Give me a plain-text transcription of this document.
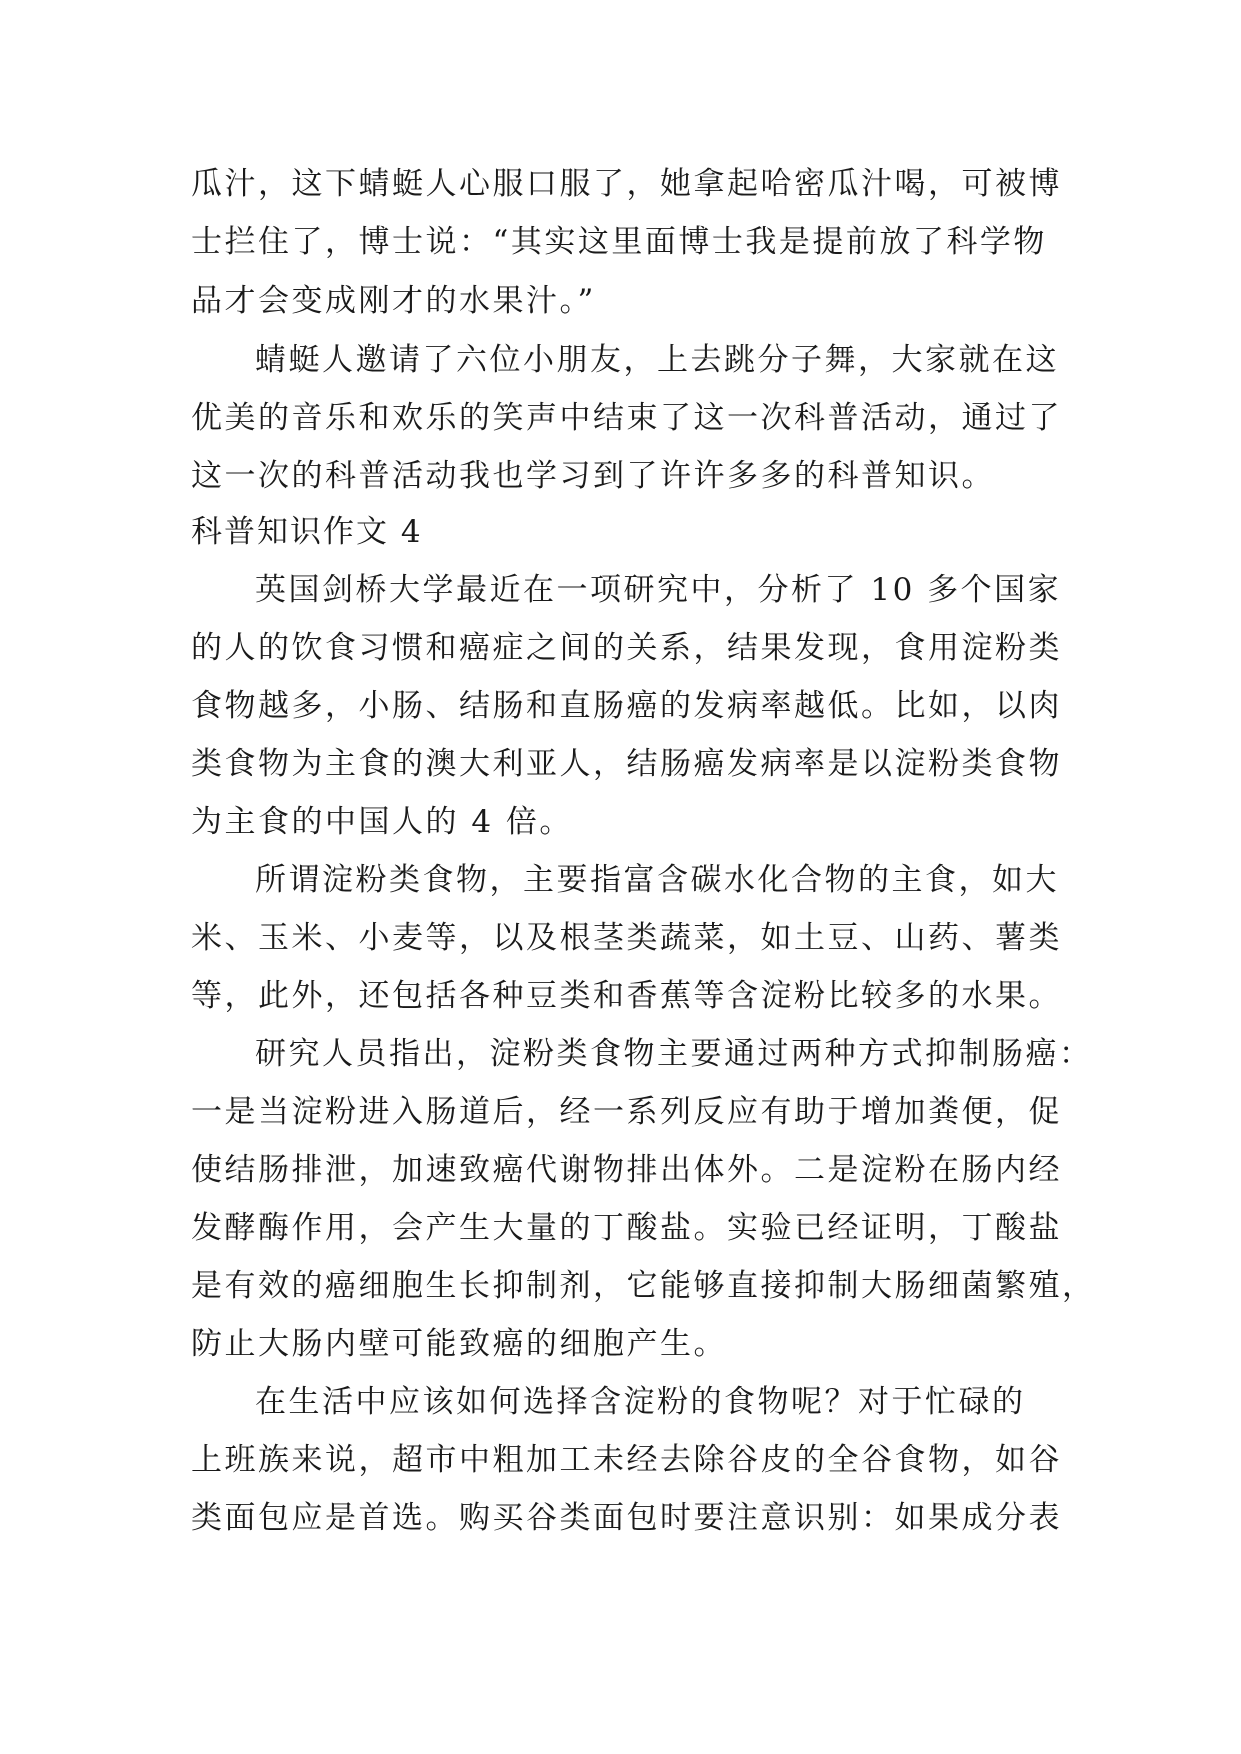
瓜汁，这下蜻蜓人心服口服了，她拿起哈密瓜汁喝，可被博
士拦住了，博士说：“其实这里面博士我是提前放了科学物
品才会变成刚才的水果汁。”
蜻蜓人邀请了六位小朋友，上去跳分子舞，大家就在这
优美的音乐和欢乐的笑声中结束了这一次科普活动，通过了
这一次的科普活动我也学习到了许许多多的科普知识。
科普知识作文 4
英国剑桥大学最近在一项研究中，分析了 10 多个国家
的人的饮食习惯和癌症之间的关系，结果发现，食用淀粉类
食物越多，小肠、结肠和直肠癌的发病率越低。比如，以肉
类食物为主食的澳大利亚人，结肠癌发病率是以淀粉类食物
为主食的中国人的 4 倍。
所谓淀粉类食物，主要指富含碳水化合物的主食，如大
米、玉米、小麦等，以及根茎类蔬菜，如土豆、山药、薯类
等，此外，还包括各种豆类和香蕉等含淀粉比较多的水果。
研究人员指出，淀粉类食物主要通过两种方式抑制肠癌：
一是当淀粉进入肠道后，经一系列反应有助于增加粪便，促
使结肠排泄，加速致癌代谢物排出体外。二是淀粉在肠内经
发酵酶作用，会产生大量的丁酸盐。实验已经证明，丁酸盐
是有效的癌细胞生长抑制剂，它能够直接抑制大肠细菌繁殖，
防止大肠内壁可能致癌的细胞产生。
在生活中应该如何选择含淀粉的食物呢？对于忙碌的
上班族来说，超市中粗加工未经去除谷皮的全谷食物，如谷
类面包应是首选。购买谷类面包时要注意识别：如果成分表
